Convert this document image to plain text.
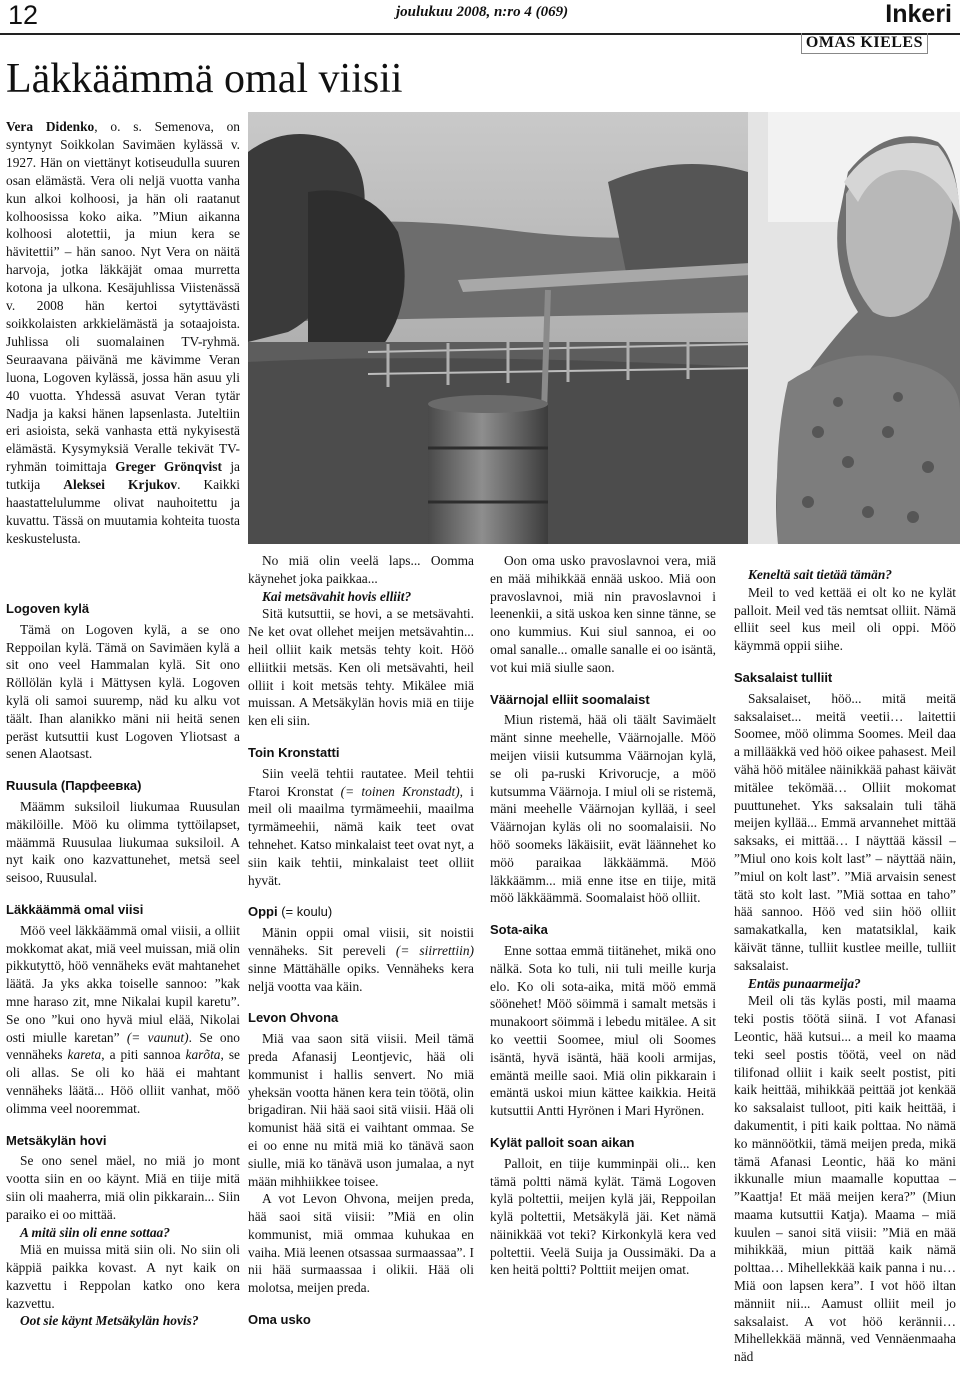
12	joulukuu 2008, n:ro 4 (069)	Inkeri
OMAS KIELES
Läkkäämmä omal viisii
Vera Didenko, o. s. Semenova, on syntynyt Soikkolan Savimäen kylässä v. 1927. Hän on viettänyt kotiseudulla suuren osan elämästä. Vera oli neljä vuotta vanha kun alkoi kolhoosi, ja hän oli raatanut kolhoosissa koko aika. ”Miun aikanna kolhoosi alotettii, ja miun kera se hävitettii” – hän sanoo. Nyt Vera on näitä harvoja, jotka läkkäjät omaa murretta kotona ja ulkona. Kesäjuhlissa Viistenässä v. 2008 hän kertoi sytyttävästi soikkolaisten arkkielämästä ja sotaajoista. Juhlissa oli suomalainen TV-ryhmä. Seuraavana päivänä me kävimme Veran luona, Logoven kylässä, jossa hän asuu yli 40 vuotta. Yhdessä asuvat Veran tytär Nadja ja kaksi hänen lapsenlasta. Juteltiin eri asioista, sekä vanhasta että nykyisestä elämästä. Kysymyksiä Veralle tekivät TV-ryhmän toimittaja Greger Grönqvist ja tutkija Aleksei Krjukov. Kaikki haastattelulumme olivat nauhoitettu ja kuvattu. Tässä on muutamia kohteita tuosta keskustelusta.
Logoven kylä

Tämä on Logoven kylä, a se ono Reppoilan kylä. Tämä on Savimäen kylä a sit ono veel Hammalan kylä. Sit ono Röllölän kylä i Mättysen kylä. Logoven kylä oli samoi suuremp, näd ku alku vot täält. Ihan alanikko mäni nii heitä senen peräst kutsuttii kust Logoven Yliotsast a senen Alaotsast.

Ruusula (Парфеевка)

Määmm suksiloil liukumaa Ruusulan mäkilöille. Möö ku olimma tyttöilapset, määmmä Ruusulaa liukumaa suksiloil. A nyt kaik ono kazvattunehet, metsä seel seisoo, Ruusulal.

Läkkäämmä omal viisi

Möö veel läkkäämmä omal viisii, a olliit mokkomat akat, miä veel muissan, miä olin pikkutyttö, höö vennäheks evät mahtanehet läätä. Ja yks akka toiselle sannoo: ”kak mne haraso zit, mne Nikalai kupil karetu”. Se ono ”kui ono hyvä miul elää, Nikolai osti miulle karetan” (= vaunut). Se ono vennäheks kareta, a piti sannoa karõta, se oli allas. Se oli ko hää ei mahtant vennäheks läätä... Höö olliit vanhat, möö olimma veel nooremmat.

Metsäkylän hovi

Se ono senel mäel, no miä jo mont vootta siin en oo käynt. Miä en tiije mitä siin oli maaherra, miä olin pikkarain... Siin paraiko ei oo mittää.

A mitä siin oli enne sottaa?

Miä en muissa mitä siin oli. No siin oli käppiä paikka kovast. A nyt kaik on kazvettu i Reppolan katko ono kera kazvettu.

Oot sie käynt Metsäkylän hovis?

No miä olin veelä laps... Oomma käynehet joka paikkaa...

Kai metsävahit hovis elliit?

Sitä kutsuttii, se hovi, a se metsävahti. Ne ket ovat ollehet meijen metsävahtin... heil olliit kaik metsäs tehty koit. Höö elliitkii metsäs. Ken oli metsävahti, heil olliit i koit metsäs tehty. Mikälee miä muissan. A Metsäkylän hovis miä en tiije ken eli siin.

Toin Kronstatti

Siin veelä tehtii rautatee. Meil tehtii Ftaroi Kronstat (= toinen Kronstadt), i meil oli maailma tyrmämeehii, maailma tyrmämeehii, nämä kaik teet ovat tehnehet. Katso minkalaist teet ovat nyt, a siin kaik tehtii, minkalaist teet olliit hyvät.

Oppi (= koulu)

Mänin oppii omal viisii, sit noistii vennäheks. Sit pereveli (= siirrettiin) sinne Mättähälle opiks. Vennäheks kera neljä vootta vaa käin.

Levon Ohvona

Miä vaa saon sitä viisii. Meil tämä preda Afanasij Leontjevic, hää oli kommunist i hallis senvert. No miä yheksän vootta hänen kera tein töötä, olin brigadiran. Nii hää saoi sitä viisii. Hää oli komunist hää sitä ei vaihtant ommaa. Se ei oo enne nu mitä miä ko tänävä saon siulle, miä ko tänävä uson jumalaa, a nyt mään mihhiikkee toisee.

A vot Levon Ohvona, meijen preda, hää saoi sitä viisii: ”Miä en olin kommunist, miä ommaa kuhukaa en vaiha. Miä leenen otsassaa surmaassaa”. I nii hää surmaassaa i olikii. Hää oli molotsa, meijen preda.

Oma usko

Oon oma usko pravoslavnoi vera, miä en mää mihikkää ennää uskoo. Miä oon pravoslavnoi, miä nin pravoslavnoi i leenenkii, a sitä uskoa ken sinne tänne, se ono kummius. Kui siul sannoa, ei oo omal sanalle... omalle sanalle ei oo isäntä, vot kui miä siulle saon.

Väärnojal elliit soomalaist

Miun ristemä, hää oli täält Savimäelt mänt sinne meehelle, Väärnojalle. Möö meijen viisii kutsumma Väärnojan kylä, se oli pa-ruski Krivorucje, a möö kutsumma Väärnoja. I miul oli se ristemä, mäni meehelle Väärnojan kyllää, i seel Väärnojan kyläs oli no soomalaisii. No höö soomeks läkäisiit, evät läännehet ko möö paraikaa läkkäämmä. Möö läkkäämm... miä enne itse en tiije, mitä möö läkkäämmä. Soomalaist höö olliit.

Sota-aika

Enne sottaa emmä tiitänehet, mikä ono nälkä. Sota ko tuli, nii tuli meille kurja elo. Ko oli sota-aika, mitä möö emmä söönehet! Möö söimmä i samalt metsäs i munakoort söimmä i lebedu mitälee. A sit ko veettii Soomee, miul oli Soomes isäntä, hyvä isäntä, hää kooli armijas, emäntä meille saoi. Miä olin pikkarain i emäntä uskoi miun kättee kaikkia. Heitä kutsuttii Antti Hyrönen i Mari Hyrönen.

Kylät palloit soan aikan

Palloit, en tiije kumminpäi oli... ken tämä poltti nämä kylät. Tämä Logoven kylä poltettii, meijen kylä jäi, Reppoilan kylä poltettii, Metsäkylä jäi. Ket nämä näinikkää vot teki? Kirkonkylä kera ved poltettii. Veelä Suija ja Oussimäki. Da a ken heitä poltti? Polttiit meijen omat.

Keneltä sait tietää tämän?

Meil to ved kettää ei olt ko ne kylät palloit. Meil ved täs nemtsat olliit. Nämä elliit seel kus meil oli oppi. Möö käymmä oppii siihe.

Saksalaist tulliit

Saksalaiset, höö... mitä meitä saksalaiset... meitä veetii… laitettii Soomee, möö olimma Soomes. Meil daa a millääkkä ved höö oikee pahasest. Meil vähä höö mitälee näinikkää pahast käivät mitälee tekömää… Olliit mokomat puuttunehet. Yks saksalain tuli tähä meijen kyllää... Emmä arvannehet mittää saksaks, ei mittää… I näyttää kässil – ”Miul ono kois kolt last” – näyttää näin, ”miul on kolt last”. ”Miä arvaisin senest tätä sto kolt last. ”Miä sottaa en taho” hää sannoo. Höö ved siin höö olliit samakatkalla, ken matatsiklal, kaik käivät tänne, tulliit kustlee meille, tulliit saksalaist.

Entäs punaarmeija?

Meil oli täs kyläs posti, mil maama teki postis töötä siinä. I vot Afanasi Leontic, hää kutsui... a meil ko maama teki seel postis töötä, veel on näd tilifonad olliit i kaik seelt postist, piti kaik heittää, mihikkää peittää jot kenkää ko saksalaist tulloot, piti kaik heittää, i dakumentit, i piti kaik polttaa. No nämä ko männöötkii, tämä meijen preda, mikä tämä Afanasi Leontic, hää ko mäni ikkunalle miun maamalle koputtaa – ”Kaattja! Et mää meijen kera?” (Miun maama kutsuttii Katja). Maama – miä kuulen – sanoi sitä viisii: ”Miä en mää mihikkää, miun pittää kaik nämä polttaa… Mihellekkää kaik panna i nu… Miä oon lapsen kera”. I vot höö iltan männiit nii... Aamust olliit meil jo saksalaist. A vot höö kerännii… Mihellekkää männä, ved Vennäenmaaha näd
